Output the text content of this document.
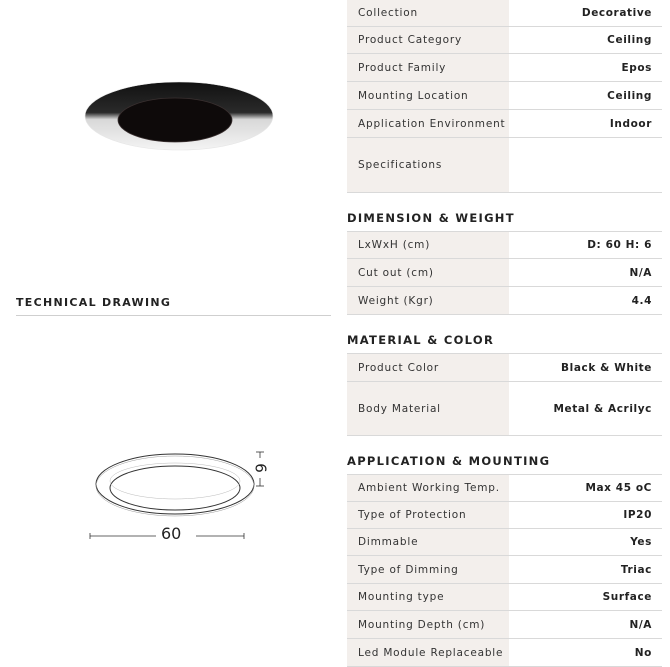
TECHNICAL DRAWING
6
60
Collection	Decorative
Product Category	Ceiling
Product Family	Epos
Mounting Location	Ceiling
Application Environment	Indoor
Specifications
DIMENSION & WEIGHT
LxWxH (cm)	D: 60 H: 6
Cut out (cm)	N/A
Weight (Kgr)	4.4
MATERIAL & COLOR
Product Color	Black & White
Body Material	Metal & Acrilyc
APPLICATION & MOUNTING
Ambient Working Temp.	Max 45 oC
Type of Protection	IP20
Dimmable	Yes
Type of Dimming	Triac
Mounting type	Surface
Mounting Depth (cm)	N/A
Led Module Replaceable	No
